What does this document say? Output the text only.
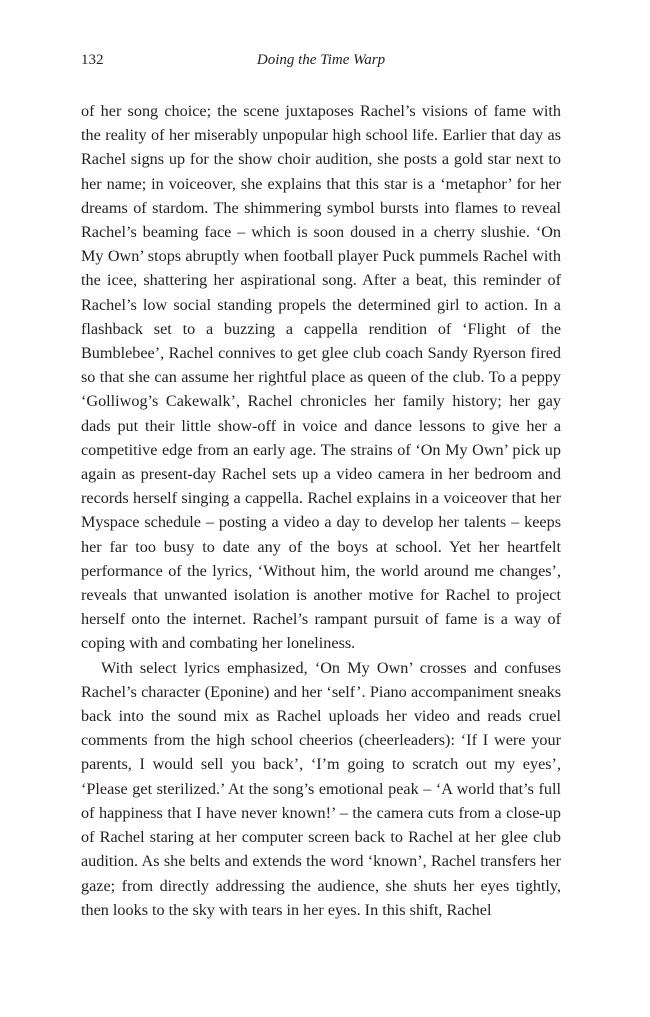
132	Doing the Time Warp

of her song choice; the scene juxtaposes Rachel’s visions of fame with the reality of her miserably unpopular high school life. Earlier that day as Rachel signs up for the show choir audition, she posts a gold star next to her name; in voiceover, she explains that this star is a ‘metaphor’ for her dreams of stardom. The shimmering symbol bursts into flames to reveal Rachel’s beaming face – which is soon doused in a cherry slushie. ‘On My Own’ stops abruptly when football player Puck pummels Rachel with the icee, shattering her aspirational song. After a beat, this reminder of Rachel’s low social standing propels the determined girl to action. In a flashback set to a buzzing a cappella rendition of ‘Flight of the Bumblebee’, Rachel connives to get glee club coach Sandy Ryerson fired so that she can assume her rightful place as queen of the club. To a peppy ‘Golliwog’s Cakewalk’, Rachel chronicles her family history; her gay dads put their little show-off in voice and dance lessons to give her a competitive edge from an early age. The strains of ‘On My Own’ pick up again as present-day Rachel sets up a video camera in her bedroom and records herself singing a cappella. Rachel explains in a voiceover that her Myspace schedule – posting a video a day to develop her talents – keeps her far too busy to date any of the boys at school. Yet her heartfelt performance of the lyrics, ‘Without him, the world around me changes’, reveals that unwanted isolation is another motive for Rachel to project herself onto the internet. Rachel’s rampant pursuit of fame is a way of coping with and combating her loneliness.

With select lyrics emphasized, ‘On My Own’ crosses and confuses Rachel’s character (Eponine) and her ‘self’. Piano accompaniment sneaks back into the sound mix as Rachel uploads her video and reads cruel comments from the high school cheerios (cheerleaders): ‘If I were your parents, I would sell you back’, ‘I’m going to scratch out my eyes’, ‘Please get sterilized.’ At the song’s emotional peak – ‘A world that’s full of happiness that I have never known!’ – the camera cuts from a close-up of Rachel staring at her computer screen back to Rachel at her glee club audition. As she belts and extends the word ‘known’, Rachel transfers her gaze; from directly addressing the audience, she shuts her eyes tightly, then looks to the sky with tears in her eyes. In this shift, Rachel
